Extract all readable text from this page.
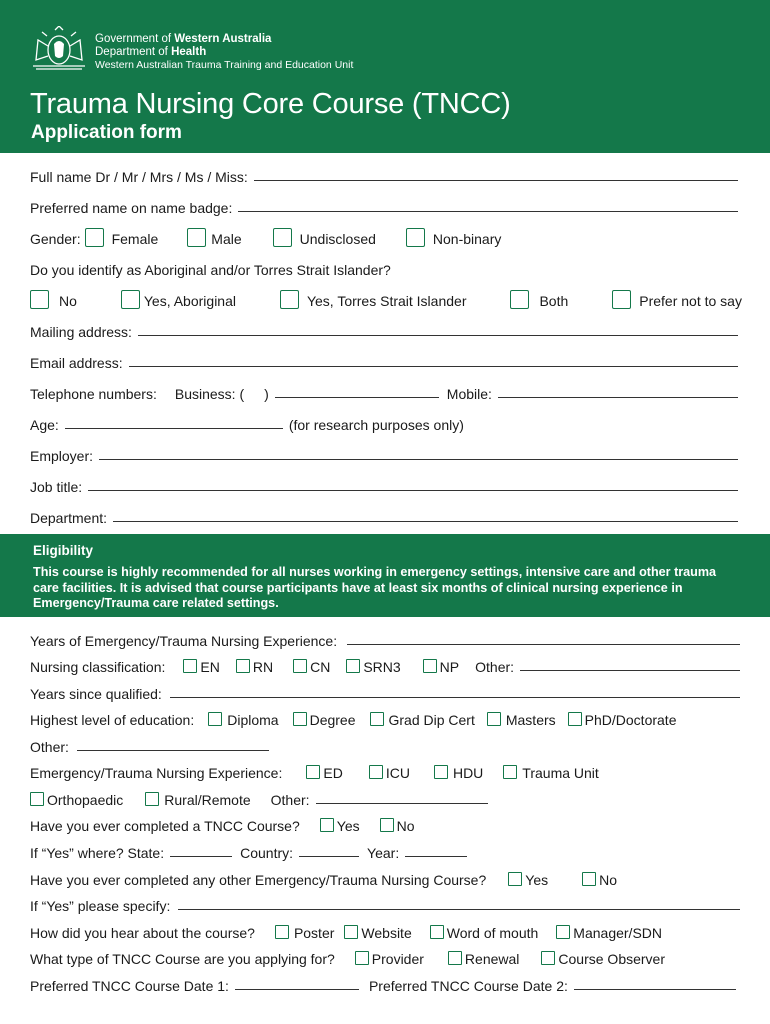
Government of Western Australia
Department of Health
Western Australian Trauma Training and Education Unit
Trauma Nursing Core Course (TNCC)
Application form
Full name Dr / Mr / Mrs / Ms / Miss:
Preferred name on name badge:
Gender: Female	Male	Undisclosed	Non-binary
Do you identify as Aboriginal and/or Torres Strait Islander?
No	Yes, Aboriginal	Yes, Torres Strait Islander	Both	Prefer not to say
Mailing address:
Email address:
Telephone numbers: Business: ( )	Mobile:
Age:	(for research purposes only)
Employer:
Job title:
Department:
Eligibility
This course is highly recommended for all nurses working in emergency settings, intensive care and other trauma care facilities. It is advised that course participants have at least six months of clinical nursing experience in Emergency/Trauma care related settings.
Years of Emergency/Trauma Nursing Experience:
Nursing classification:	EN RN	CN SRN3	NP Other:
Years since qualified:
Highest level of education: Diploma Degree Grad Dip Cert Masters PhD/Doctorate
Other:
Emergency/Trauma Nursing Experience:	ED	ICU	HDU	Trauma Unit
Orthopaedic	Rural/Remote Other:
Have you ever completed a TNCC Course?	Yes	No
If “Yes” where? State:	Country:	Year:
Have you ever completed any other Emergency/Trauma Nursing Course?	Yes	No
If “Yes” please specify:
How did you hear about the course?	Poster Website	Word of mouth	Manager/SDN
What type of TNCC Course are you applying for?	Provider	Renewal	Course Observer
Preferred TNCC Course Date 1:	Preferred TNCC Course Date 2:
